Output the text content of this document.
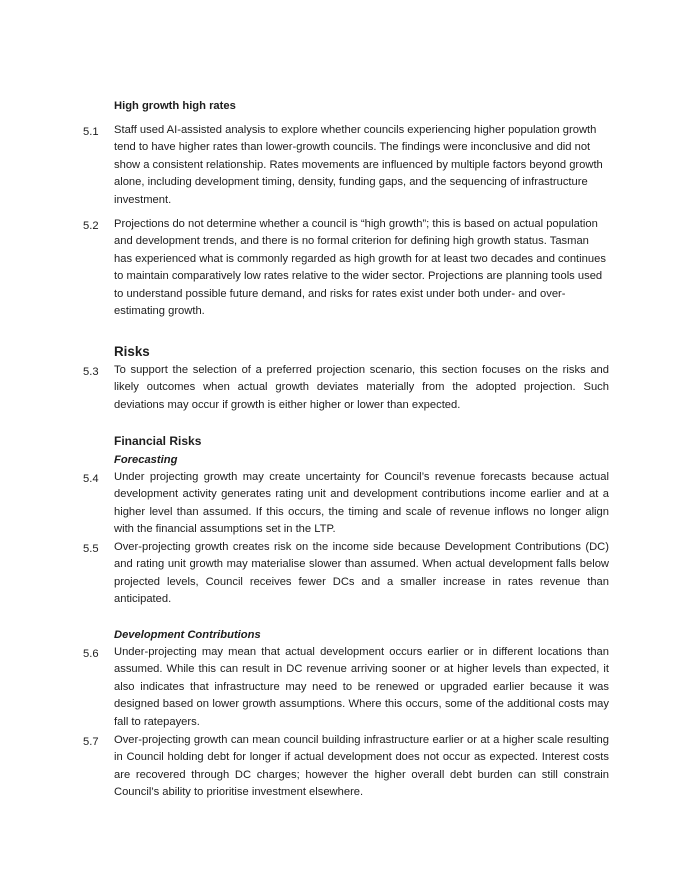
High growth high rates
5.1 Staff used AI-assisted analysis to explore whether councils experiencing higher population growth tend to have higher rates than lower-growth councils. The findings were inconclusive and did not show a consistent relationship. Rates movements are influenced by multiple factors beyond growth alone, including development timing, density, funding gaps, and the sequencing of infrastructure investment.
5.2 Projections do not determine whether a council is “high growth”; this is based on actual population and development trends, and there is no formal criterion for defining high growth status. Tasman has experienced what is commonly regarded as high growth for at least two decades and continues to maintain comparatively low rates relative to the wider sector. Projections are planning tools used to understand possible future demand, and risks for rates exist under both under- and over-estimating growth.
Risks
5.3 To support the selection of a preferred projection scenario, this section focuses on the risks and likely outcomes when actual growth deviates materially from the adopted projection. Such deviations may occur if growth is either higher or lower than expected.
Financial Risks
Forecasting
5.4 Under projecting growth may create uncertainty for Council’s revenue forecasts because actual development activity generates rating unit and development contributions income earlier and at a higher level than assumed. If this occurs, the timing and scale of revenue inflows no longer align with the financial assumptions set in the LTP.
5.5 Over-projecting growth creates risk on the income side because Development Contributions (DC) and rating unit growth may materialise slower than assumed. When actual development falls below projected levels, Council receives fewer DCs and a smaller increase in rates revenue than anticipated.
Development Contributions
5.6 Under-projecting may mean that actual development occurs earlier or in different locations than assumed. While this can result in DC revenue arriving sooner or at higher levels than expected, it also indicates that infrastructure may need to be renewed or upgraded earlier because it was designed based on lower growth assumptions. Where this occurs, some of the additional costs may fall to ratepayers.
5.7 Over-projecting growth can mean council building infrastructure earlier or at a higher scale resulting in Council holding debt for longer if actual development does not occur as expected. Interest costs are recovered through DC charges; however the higher overall debt burden can still constrain Council’s ability to prioritise investment elsewhere.
